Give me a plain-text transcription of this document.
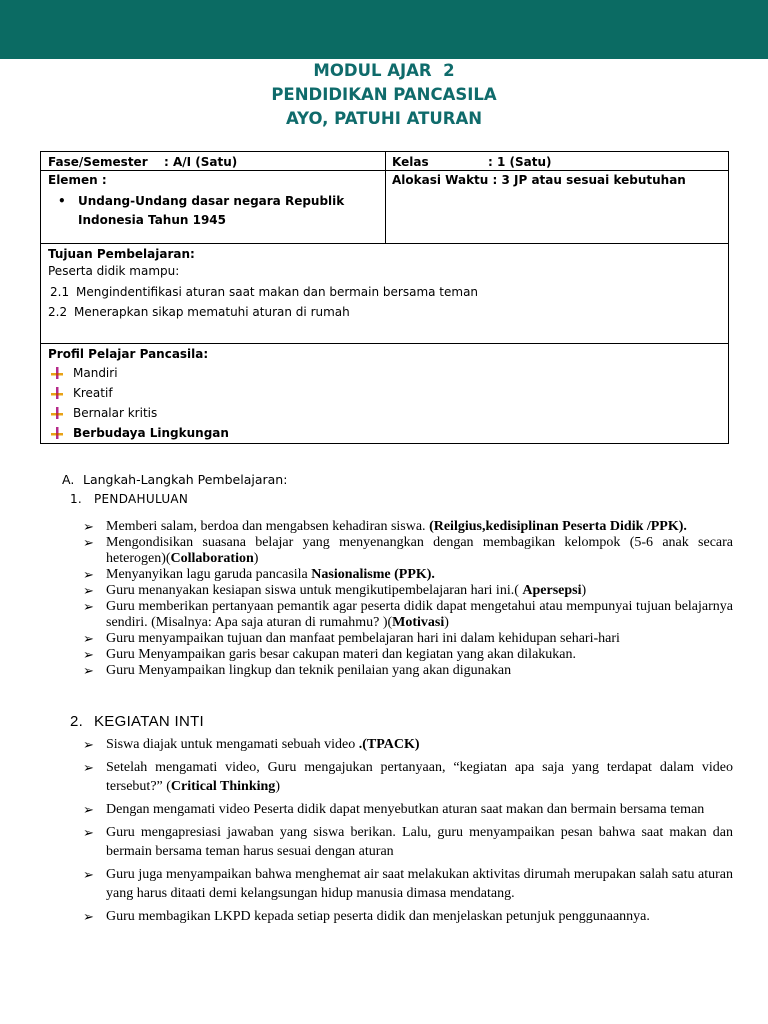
MODUL AJAR  2
PENDIDIKAN PANCASILA
AYO, PATUHI ATURAN
Fase/Semester : A/I (Satu)	Kelas	: 1 (Satu)
Elemen :
• Undang-Undang dasar negara Republik Indonesia Tahun 1945
Alokasi Waktu : 3 JP atau sesuai kebutuhan
Tujuan Pembelajaran:
Peserta didik mampu:
2.1 Mengindentifikasi aturan saat makan dan bermain bersama teman
2.2 Menerapkan sikap mematuhi aturan di rumah
Profil Pelajar Pancasila:
Mandiri
Kreatif
Bernalar kritis
Berbudaya Lingkungan
A. Langkah-Langkah Pembelajaran:
1. PENDAHULUAN
➢ Memberi salam, berdoa dan mengabsen kehadiran siswa. (Reilgius,kedisiplinan Peserta Didik /PPK).
➢ Mengondisikan suasana belajar yang menyenangkan dengan membagikan kelompok (5-6 anak secara heterogen)(Collaboration)
➢ Menyanyikan lagu garuda pancasila Nasionalisme (PPK).
➢ Guru menanyakan kesiapan siswa untuk mengikutipembelajaran hari ini.( Apersepsi)
➢ Guru memberikan pertanyaan pemantik agar peserta didik dapat mengetahui atau mempunyai tujuan belajarnya sendiri. (Misalnya: Apa saja aturan di rumahmu? )(Motivasi)
➢ Guru menyampaikan tujuan dan manfaat pembelajaran hari ini dalam kehidupan sehari-hari
➢ Guru Menyampaikan garis besar cakupan materi dan kegiatan yang akan dilakukan.
➢ Guru Menyampaikan lingkup dan teknik penilaian yang akan digunakan
2. KEGIATAN INTI
➢ Siswa diajak untuk mengamati sebuah video .(TPACK)
➢ Setelah mengamati video, Guru mengajukan pertanyaan, “kegiatan apa saja yang terdapat dalam video tersebut?” (Critical Thinking)
➢ Dengan mengamati video Peserta didik dapat menyebutkan aturan saat makan dan bermain bersama teman
➢ Guru mengapresiasi jawaban yang siswa berikan. Lalu, guru menyampaikan pesan bahwa saat makan dan bermain bersama teman harus sesuai dengan aturan
➢ Guru juga menyampaikan bahwa menghemat air saat melakukan aktivitas dirumah merupakan salah satu aturan yang harus ditaati demi kelangsungan hidup manusia dimasa mendatang.
➢ Guru membagikan LKPD kepada setiap peserta didik dan menjelaskan petunjuk penggunaannya.
